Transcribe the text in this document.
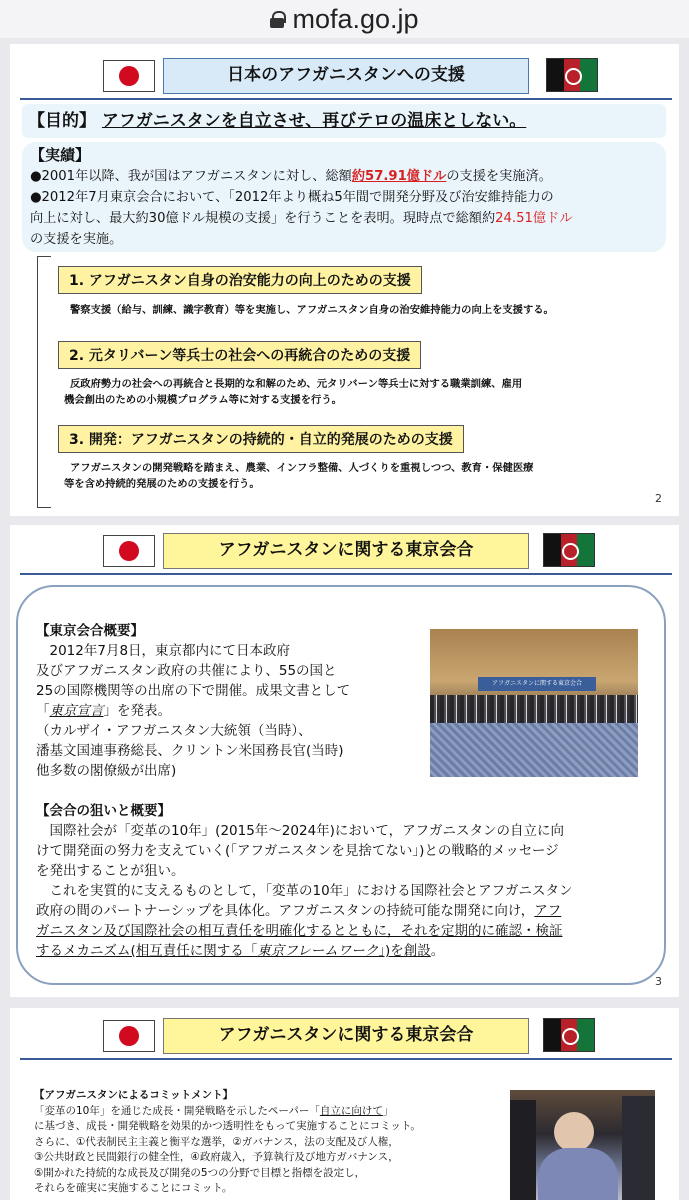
mofa.go.jp
日本のアフガニスタンへの支援
【目的】 アフガニスタンを自立させ、再びテロの温床としない。
【実績】
●2001年以降、我が国はアフガニスタンに対し、総額約57.91億ドルの支援を実施済。
●2012年7月東京会合において、「2012年より概ね5年間で開発分野及び治安維持能力の
向上に対し、最大約30億ドル規模の支援」を行うことを表明。現時点で総額約24.51億ドル
の支援を実施。
1. アフガニスタン自身の治安能力の向上のための支援
警察支援（給与、訓練、識字教育）等を実施し、アフガニスタン自身の治安維持能力の向上を支援する。
2. 元タリバーン等兵士の社会への再統合のための支援
反政府勢力の社会への再統合と長期的な和解のため、元タリバーン等兵士に対する職業訓練、雇用
機会創出のための小規模プログラム等に対する支援を行う。
3. 開発：アフガニスタンの持続的・自立的発展のための支援
アフガニスタンの開発戦略を踏まえ、農業、インフラ整備、人づくりを重視しつつ、教育・保健医療
等を含め持続的発展のための支援を行う。
2
アフガニスタンに関する東京会合
【東京会合概要】
　2012年7月8日，東京都内にて日本政府
及びアフガニスタン政府の共催により、55の国と
25の国際機関等の出席の下で開催。成果文書として
「東京宣言」を発表。
（カルザイ・アフガニスタン大統領（当時）、
潘基文国連事務総長、クリントン米国務長官(当時)
他多数の閣僚級が出席)
アフガニスタンに関する東京会合
【会合の狙いと概要】
　国際社会が「変革の10年」(2015年～2024年)において，アフガニスタンの自立に向
けて開発面の努力を支えていく(「アフガニスタンを見捨てない」)との戦略的メッセージ
を発出することが狙い。
　これを実質的に支えるものとして，「変革の10年」における国際社会とアフガニスタン
政府の間のパートナーシップを具体化。アフガニスタンの持続可能な開発に向け，アフ
ガニスタン及び国際社会の相互責任を明確化するとともに，それを定期的に確認・検証
するメカニズム(相互責任に関する「東京フレームワーク」)を創設。
3
アフガニスタンに関する東京会合
【アフガニスタンによるコミットメント】
「変革の10年」を通じた成長・開発戦略を示したペーパー「自立に向けて」
に基づき、成長・開発戦略を効果的かつ透明性をもって実施することにコミット。
さらに、①代表制民主主義と衡平な選挙，②ガバナンス，法の支配及び人権，
③公共財政と民間銀行の健全性，④政府歳入，予算執行及び地方ガバナンス，
⑤開かれた持続的な成長及び開発の5つの分野で目標と指標を設定し，
それらを確実に実施することにコミット。
